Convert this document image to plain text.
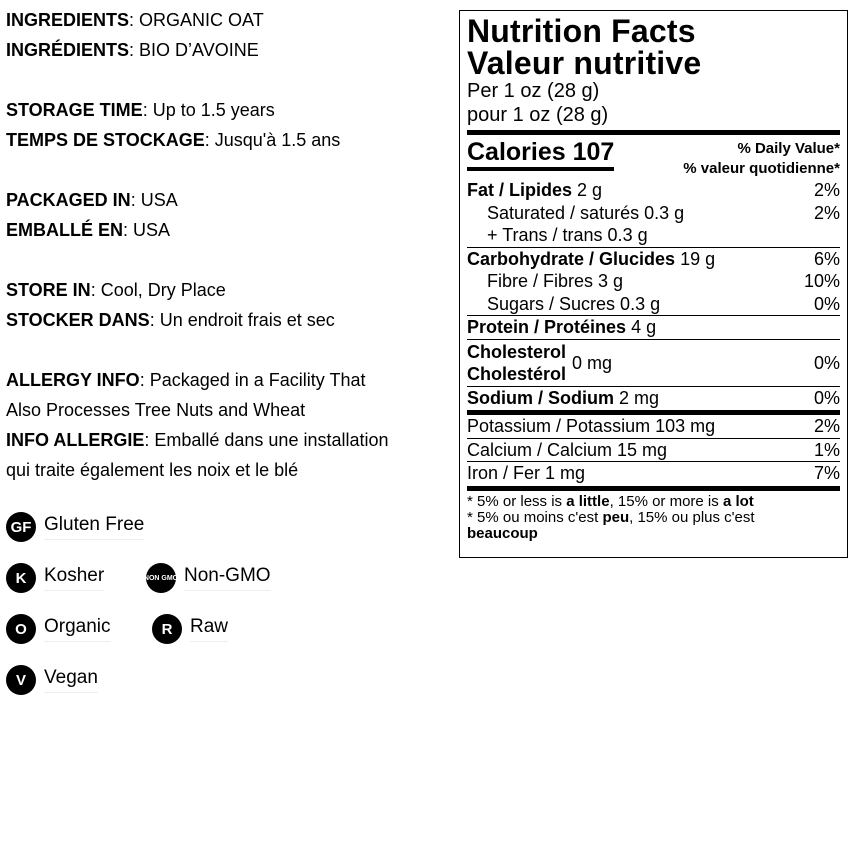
INGREDIENTS: ORGANIC OAT
INGRÉDIENTS: BIO D’AVOINE
STORAGE TIME: Up to 1.5 years
TEMPS DE STOCKAGE: Jusqu'à 1.5 ans
PACKAGED IN: USA
EMBALLÉ EN: USA
STORE IN: Cool, Dry Place
STOCKER DANS: Un endroit frais et sec
ALLERGY INFO: Packaged in a Facility That
Also Processes Tree Nuts and Wheat
INFO ALLERGIE: Emballé dans une installation
qui traite également les noix et le blé
GF Gluten Free
K Kosher	NON GMO Non-GMO
O Organic	R Raw
V Vegan
Nutrition Facts
Valeur nutritive
Per 1 oz (28 g)
pour 1 oz (28 g)
Calories 107	% Daily Value*
% valeur quotidienne*
Fat / Lipides 2 g	2%
Saturated / saturés 0.3 g	2%
+ Trans / trans 0.3 g
Carbohydrate / Glucides 19 g	6%
Fibre / Fibres 3 g	10%
Sugars / Sucres 0.3 g	0%
Protein / Protéines 4 g
Cholesterol
Cholestérol
0 mg	0%
Sodium / Sodium 2 mg	0%
Potassium / Potassium 103 mg	2%
Calcium / Calcium 15 mg	1%
Iron / Fer 1 mg	7%
* 5% or less is a little, 15% or more is a lot
* 5% ou moins c'est peu, 15% ou plus c'est
beaucoup
